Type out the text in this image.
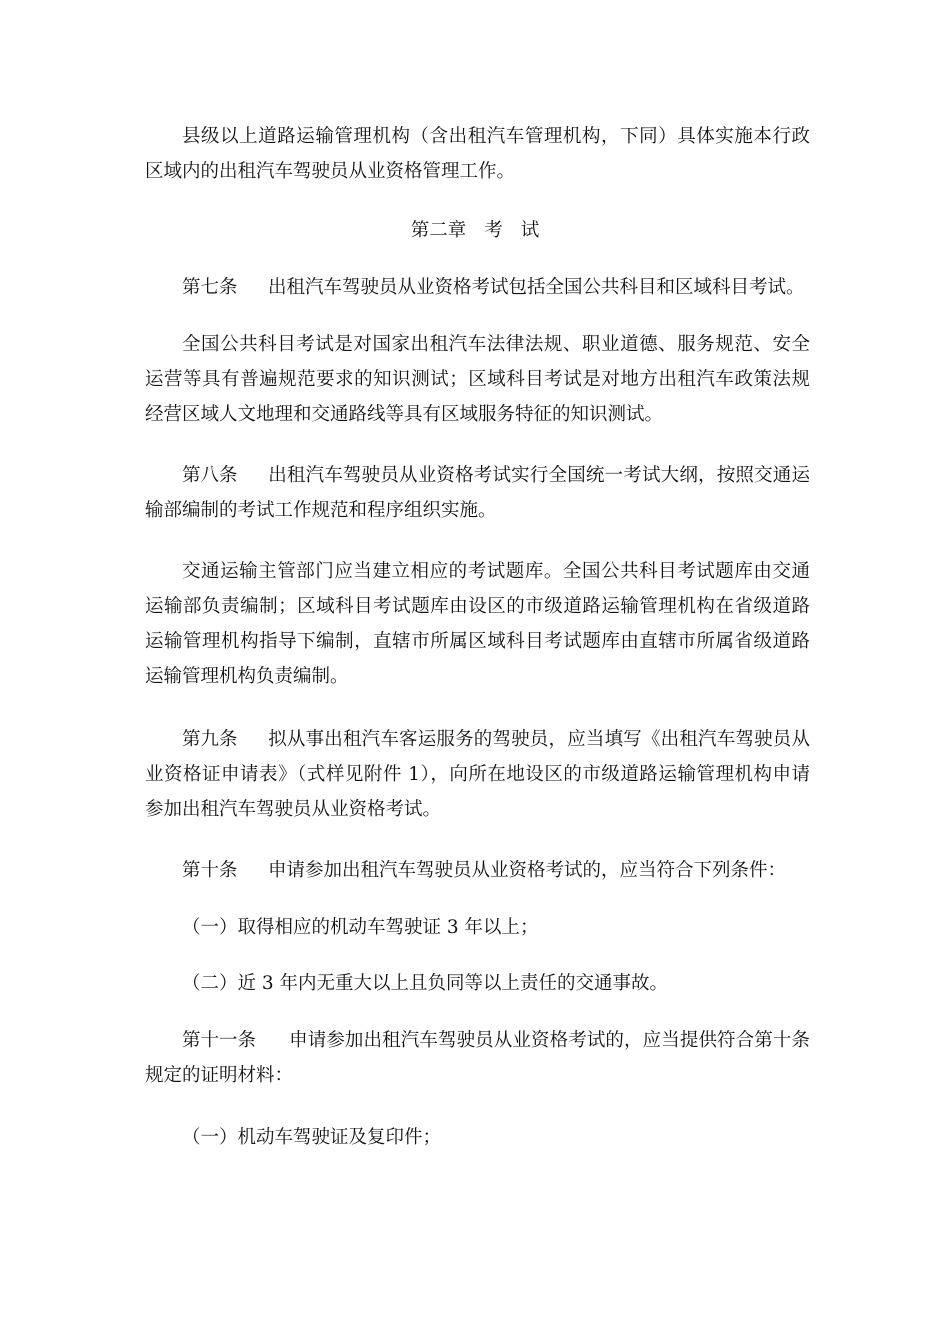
县级以上道路运输管理机构（含出租汽车管理机构，下同）具体实施本行政区域内的出租汽车驾驶员从业资格管理工作。

第二章 考 试

第七条 出租汽车驾驶员从业资格考试包括全国公共科目和区域科目考试。

全国公共科目考试是对国家出租汽车法律法规、职业道德、服务规范、安全运营等具有普遍规范要求的知识测试；区域科目考试是对地方出租汽车政策法规经营区域人文地理和交通路线等具有区域服务特征的知识测试。

第八条 出租汽车驾驶员从业资格考试实行全国统一考试大纲，按照交通运输部编制的考试工作规范和程序组织实施。

交通运输主管部门应当建立相应的考试题库。全国公共科目考试题库由交通运输部负责编制；区域科目考试题库由设区的市级道路运输管理机构在省级道路运输管理机构指导下编制，直辖市所属区域科目考试题库由直辖市所属省级道路运输管理机构负责编制。

第九条 拟从事出租汽车客运服务的驾驶员，应当填写《出租汽车驾驶员从业资格证申请表》（式样见附件 1），向所在地设区的市级道路运输管理机构申请参加出租汽车驾驶员从业资格考试。

第十条 申请参加出租汽车驾驶员从业资格考试的，应当符合下列条件：

（一）取得相应的机动车驾驶证 3 年以上；

（二）近 3 年内无重大以上且负同等以上责任的交通事故。

第十一条 申请参加出租汽车驾驶员从业资格考试的，应当提供符合第十条规定的证明材料：

（一）机动车驾驶证及复印件；
